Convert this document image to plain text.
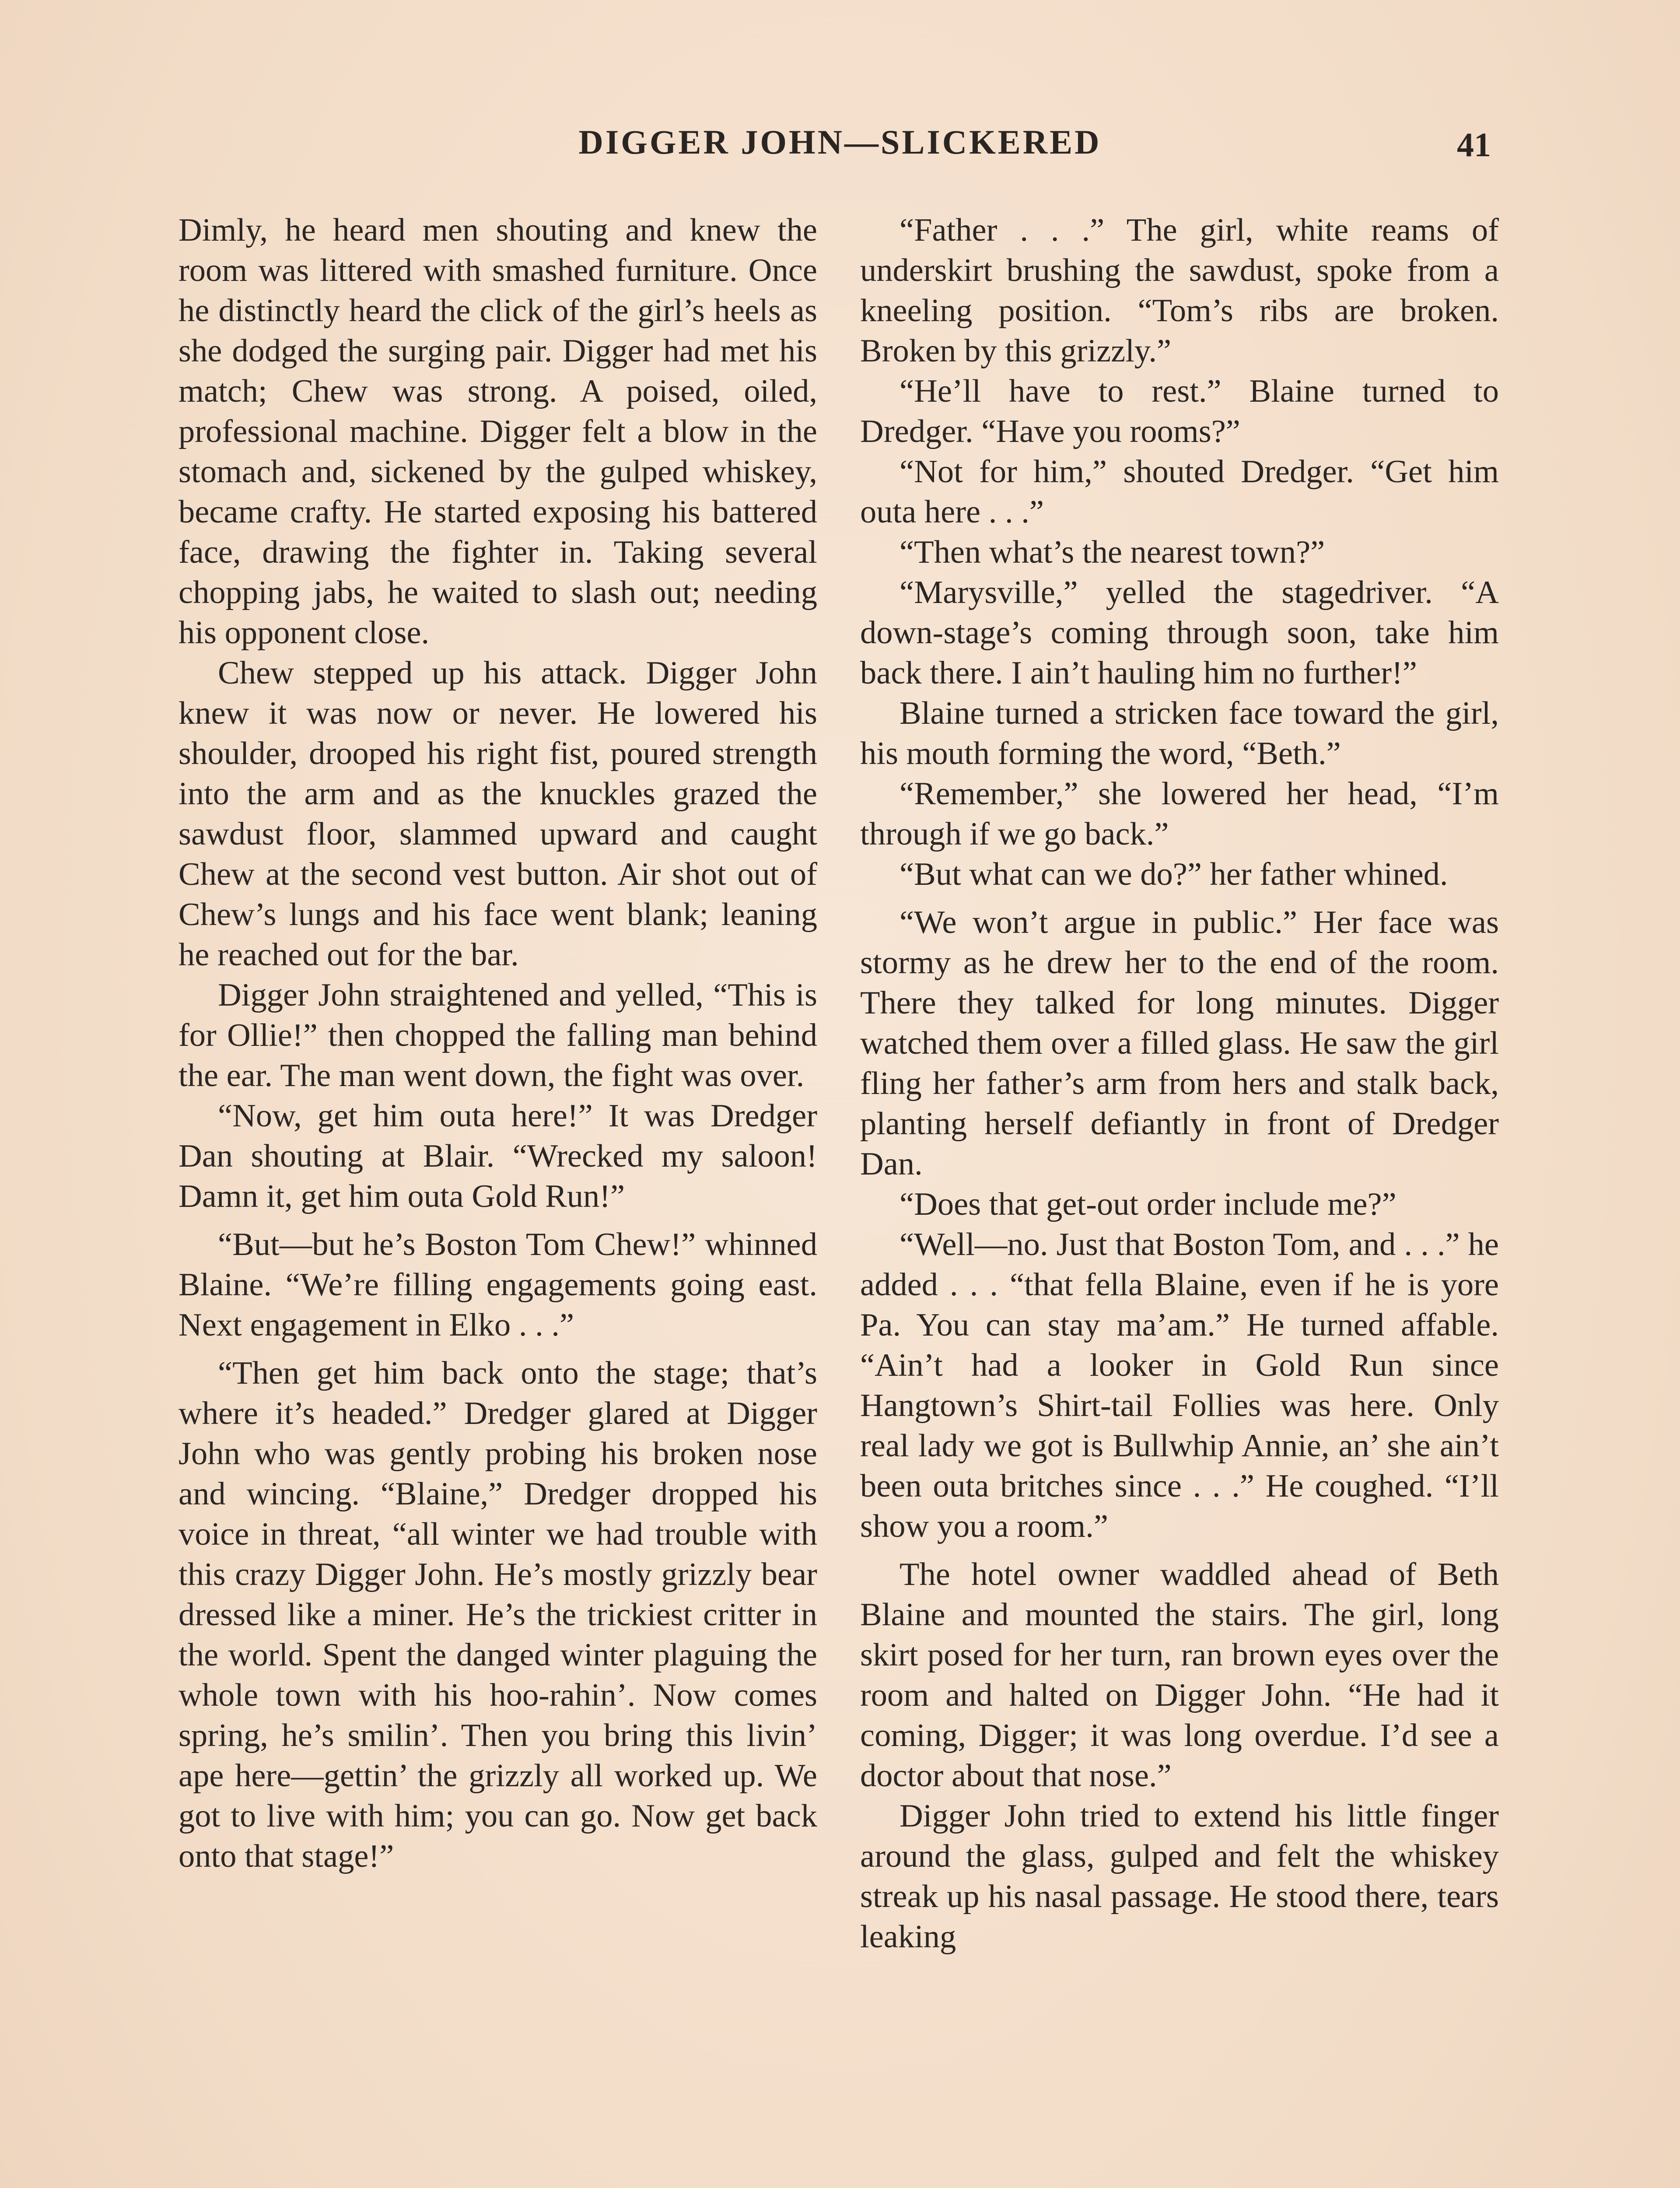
DIGGER JOHN—SLICKERED	41

Dimly, he heard men shouting and knew the room was littered with smashed furniture. Once he distinctly heard the click of the girl’s heels as she dodged the surging pair. Digger had met his match; Chew was strong. A poised, oiled, professional machine. Digger felt a blow in the stomach and, sickened by the gulped whiskey, became crafty. He started exposing his battered face, drawing the fighter in. Taking several chopping jabs, he waited to slash out; needing his opponent close.

Chew stepped up his attack. Digger John knew it was now or never. He lowered his shoulder, drooped his right fist, poured strength into the arm and as the knuckles grazed the sawdust floor, slammed upward and caught Chew at the second vest button. Air shot out of Chew’s lungs and his face went blank; leaning he reached out for the bar.

Digger John straightened and yelled, “This is for Ollie!” then chopped the falling man behind the ear. The man went down, the fight was over.

“Now, get him outa here!” It was Dredger Dan shouting at Blair. “Wrecked my saloon! Damn it, get him outa Gold Run!”

“But—but he’s Boston Tom Chew!” whinned Blaine. “We’re filling engagements going east. Next engagement in Elko . . .”

“Then get him back onto the stage; that’s where it’s headed.” Dredger glared at Digger John who was gently probing his broken nose and wincing. “Blaine,” Dredger dropped his voice in threat, “all winter we had trouble with this crazy Digger John. He’s mostly grizzly bear dressed like a miner. He’s the trickiest critter in the world. Spent the danged winter plaguing the whole town with his hoo-rahin’. Now comes spring, he’s smilin’. Then you bring this livin’ ape here—gettin’ the grizzly all worked up. We got to live with him; you can go. Now get back onto that stage!”

“Father . . .” The girl, white reams of underskirt brushing the sawdust, spoke from a kneeling position. “Tom’s ribs are broken. Broken by this grizzly.”

“He’ll have to rest.” Blaine turned to Dredger. “Have you rooms?”

“Not for him,” shouted Dredger. “Get him outa here . . .”

“Then what’s the nearest town?”

“Marysville,” yelled the stagedriver. “A down-stage’s coming through soon, take him back there. I ain’t hauling him no further!”

Blaine turned a stricken face toward the girl, his mouth forming the word, “Beth.”

“Remember,” she lowered her head, “I’m through if we go back.”

“But what can we do?” her father whined.

“We won’t argue in public.” Her face was stormy as he drew her to the end of the room. There they talked for long minutes. Digger watched them over a filled glass. He saw the girl fling her father’s arm from hers and stalk back, planting herself defiantly in front of Dredger Dan.

“Does that get-out order include me?”

“Well—no. Just that Boston Tom, and . . .” he added . . . “that fella Blaine, even if he is yore Pa. You can stay ma’am.” He turned affable. “Ain’t had a looker in Gold Run since Hangtown’s Shirt-tail Follies was here. Only real lady we got is Bullwhip Annie, an’ she ain’t been outa britches since . . .” He coughed. “I’ll show you a room.”

The hotel owner waddled ahead of Beth Blaine and mounted the stairs. The girl, long skirt posed for her turn, ran brown eyes over the room and halted on Digger John. “He had it coming, Digger; it was long overdue. I’d see a doctor about that nose.”

Digger John tried to extend his little finger around the glass, gulped and felt the whiskey streak up his nasal passage. He stood there, tears leaking
